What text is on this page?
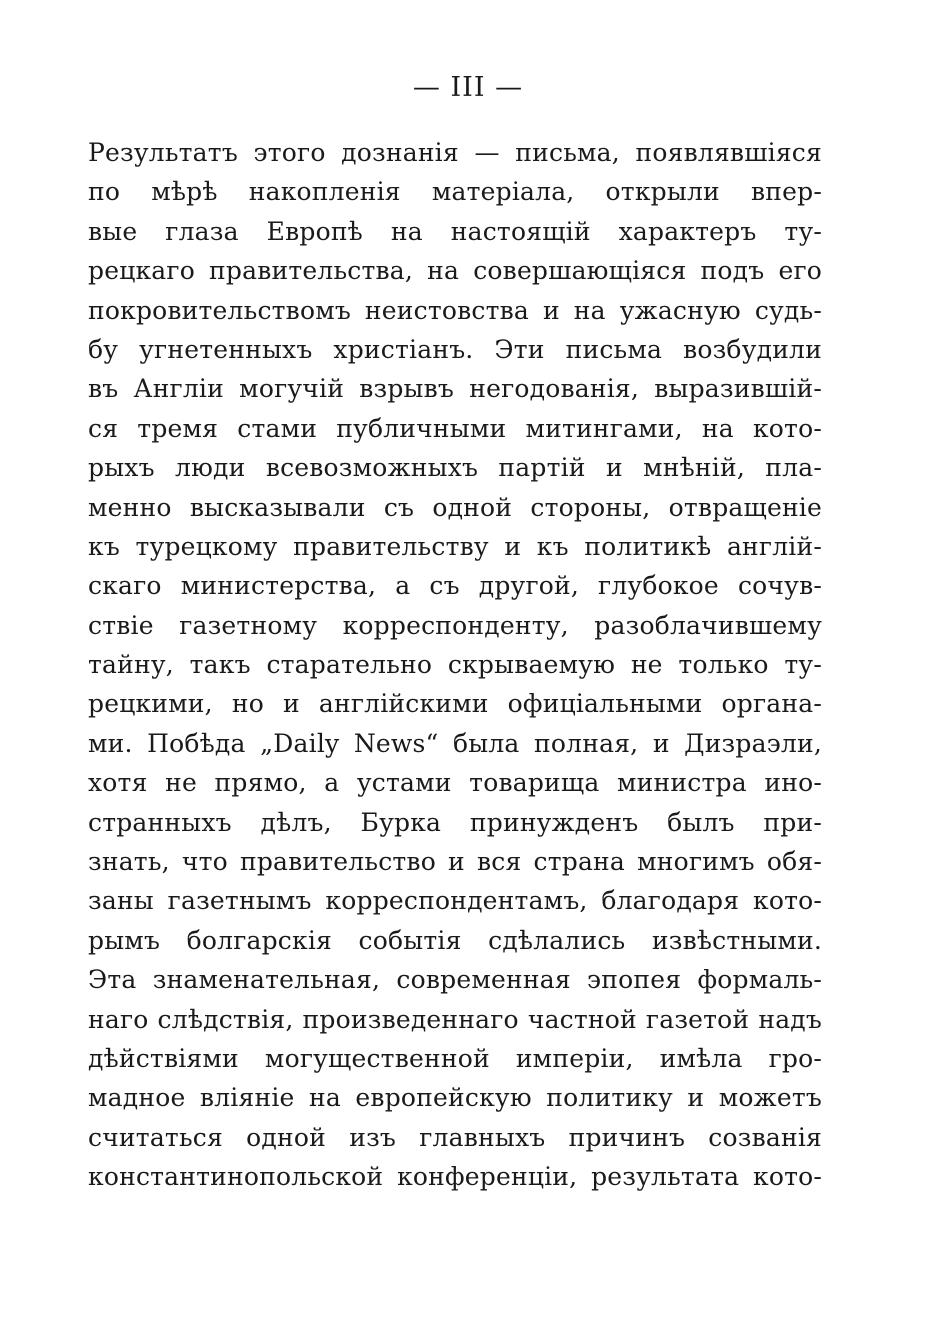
— III —
Результатъ этого дознанія — письма, появлявшіяся
по мѣрѣ накопленія матеріала, открыли впер-
вые глаза Европѣ на настоящій характеръ ту-
рецкаго правительства, на совершающіяся подъ его
покровительствомъ неистовства и на ужасную судь-
бу угнетенныхъ христіанъ. Эти письма возбудили
въ Англіи могучій взрывъ негодованія, выразившій-
ся тремя стами публичными митингами, на кото-
рыхъ люди всевозможныхъ партій и мнѣній, пла-
менно высказывали съ одной стороны, отвращеніе
къ турецкому правительству и къ политикѣ англій-
скаго министерства, а съ другой, глубокое сочув-
ствіе газетному корреспонденту, разоблачившему
тайну, такъ старательно скрываемую не только ту-
рецкими, но и англійскими офиціальными органа-
ми. Побѣда „Daily News“ была полная, и Дизраэли,
хотя не прямо, а устами товарища министра ино-
странныхъ дѣлъ, Бурка принужденъ былъ при-
знать, что правительство и вся страна многимъ обя-
заны газетнымъ корреспондентамъ, благодаря кото-
рымъ болгарскія событія сдѣлались извѣстными.
Эта знаменательная, современная эпопея формаль-
наго слѣдствія, произведеннаго частной газетой надъ
дѣйствіями могущественной имперіи, имѣла гро-
мадное вліяніе на европейскую политику и можетъ
считаться одной изъ главныхъ причинъ созванія
константинопольской конференціи, результата кото-
